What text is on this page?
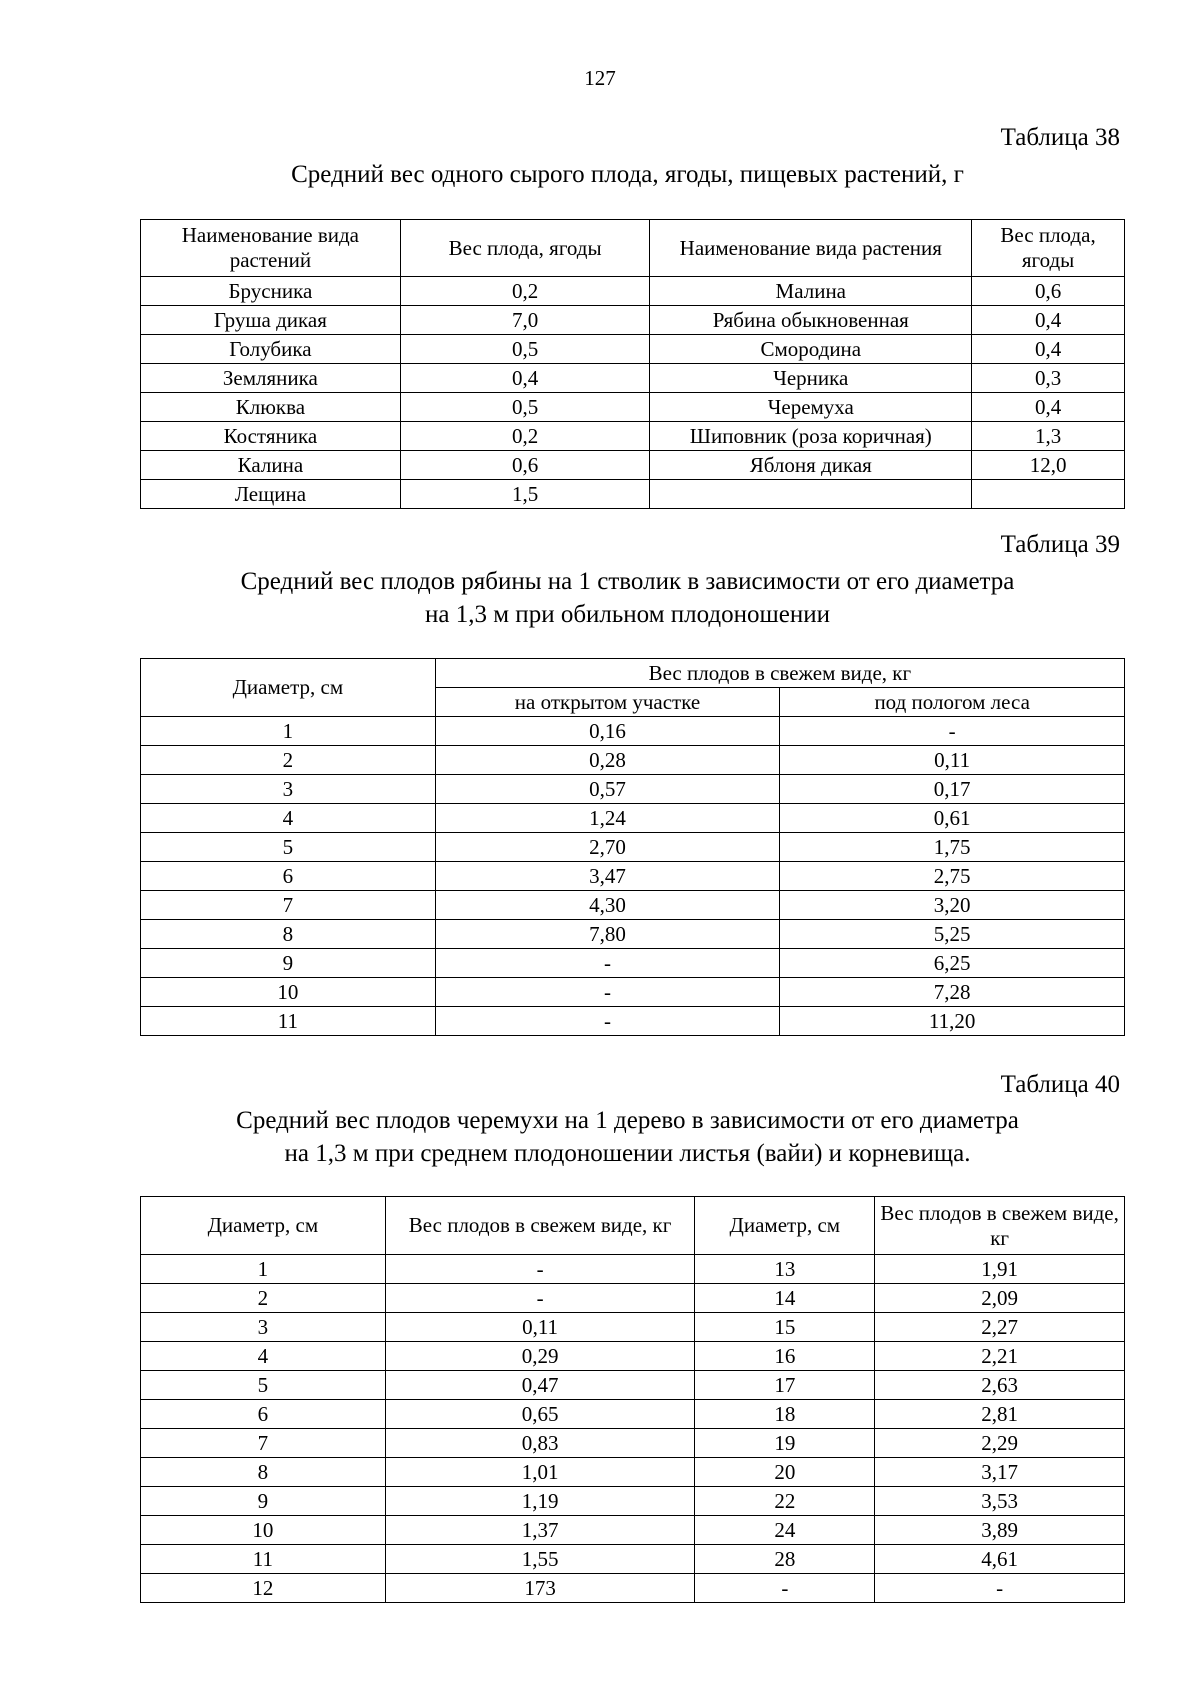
127
Таблица 38
Средний вес одного сырого плода, ягоды, пищевых растений, г
Наименование вида растений	Вес плода, ягоды	Наименование вида растения	Вес плода, ягоды
Брусника	0,2	Малина	0,6
Груша дикая	7,0	Рябина обыкновенная	0,4
Голубика	0,5	Смородина	0,4
Земляника	0,4	Черника	0,3
Клюква	0,5	Черемуха	0,4
Костяника	0,2	Шиповник (роза коричная)	1,3
Калина	0,6	Яблоня дикая	12,0
Лещина	1,5		
Таблица 39
Средний вес плодов рябины на 1 стволик в зависимости от его диаметра
на 1,3 м при обильном плодоношении
Диаметр, см	Вес плодов в свежем виде, кг	
	на открытом участке	под пологом леса
1	0,16	-
2	0,28	0,11
3	0,57	0,17
4	1,24	0,61
5	2,70	1,75
6	3,47	2,75
7	4,30	3,20
8	7,80	5,25
9	-	6,25
10	-	7,28
11	-	11,20
Таблица 40
Средний вес плодов черемухи на 1 дерево в зависимости от его диаметра
на 1,3 м при среднем плодоношении листья (вайи) и корневища.
Диаметр, см	Вес плодов в свежем виде, кг	Диаметр, см	Вес плодов в свежем виде, кг
1	-	13	1,91
2	-	14	2,09
3	0,11	15	2,27
4	0,29	16	2,21
5	0,47	17	2,63
6	0,65	18	2,81
7	0,83	19	2,29
8	1,01	20	3,17
9	1,19	22	3,53
10	1,37	24	3,89
11	1,55	28	4,61
12	173	-	-
